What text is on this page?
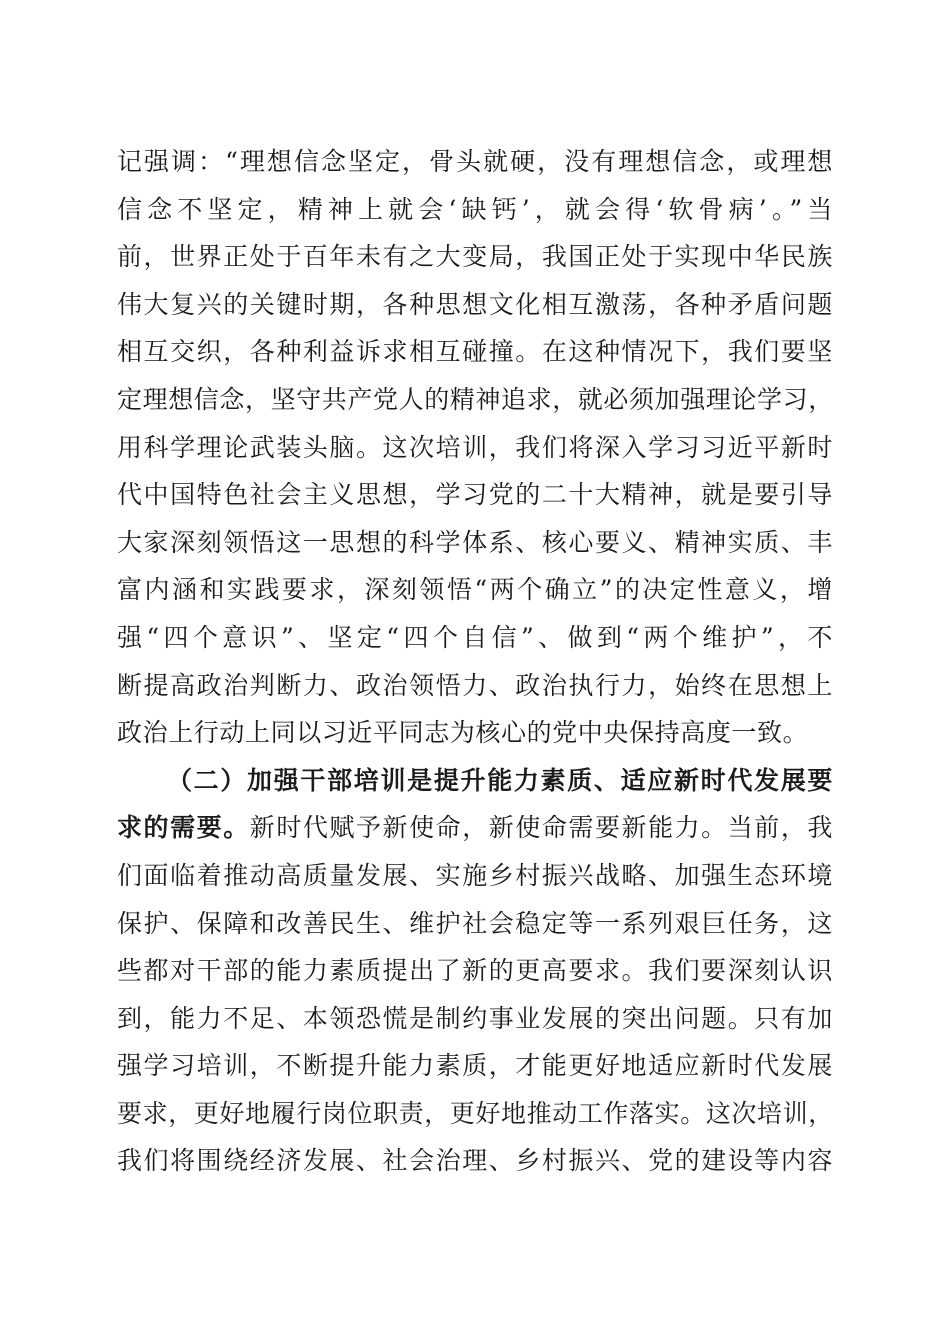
记强调：“理想信念坚定，骨头就硬，没有理想信念，或理想
信念不坚定，精神上就会‘缺钙’，就会得‘软骨病’。”当
前，世界正处于百年未有之大变局，我国正处于实现中华民族
伟大复兴的关键时期，各种思想文化相互激荡，各种矛盾问题
相互交织，各种利益诉求相互碰撞。在这种情况下，我们要坚
定理想信念，坚守共产党人的精神追求，就必须加强理论学习，
用科学理论武装头脑。这次培训，我们将深入学习习近平新时
代中国特色社会主义思想，学习党的二十大精神，就是要引导
大家深刻领悟这一思想的科学体系、核心要义、精神实质、丰
富内涵和实践要求，深刻领悟“两个确立”的决定性意义，增
强“四个意识”、坚定“四个自信”、做到“两个维护”，不
断提高政治判断力、政治领悟力、政治执行力，始终在思想上
政治上行动上同以习近平同志为核心的党中央保持高度一致。
（二）加强干部培训是提升能力素质、适应新时代发展要
求的需要。新时代赋予新使命，新使命需要新能力。当前，我
们面临着推动高质量发展、实施乡村振兴战略、加强生态环境
保护、保障和改善民生、维护社会稳定等一系列艰巨任务，这
些都对干部的能力素质提出了新的更高要求。我们要深刻认识
到，能力不足、本领恐慌是制约事业发展的突出问题。只有加
强学习培训，不断提升能力素质，才能更好地适应新时代发展
要求，更好地履行岗位职责，更好地推动工作落实。这次培训，
我们将围绕经济发展、社会治理、乡村振兴、党的建设等内容
